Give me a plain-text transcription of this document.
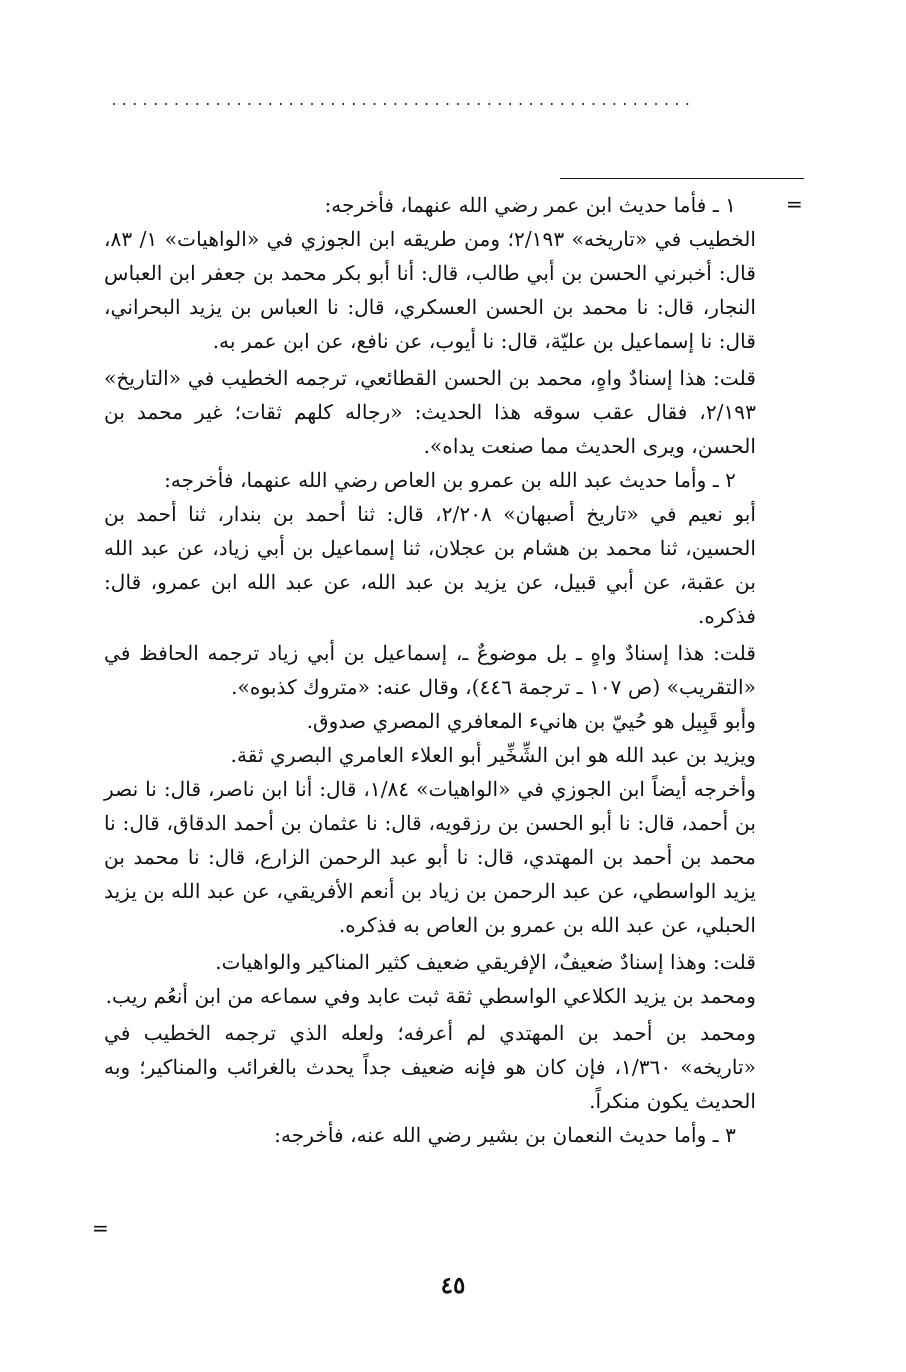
........................................................
=

١ ـ فأما حديث ابن عمر رضي الله عنهما، فأخرجه:

الخطيب في «تاريخه» ٢/١٩٣؛ ومن طريقه ابن الجوزي في «الواهيات» ١/ ٨٣، قال: أخبرني الحسن بن أبي طالب، قال: أنا أبو بكر محمد بن جعفر ابن العباس النجار، قال: نا محمد بن الحسن العسكري، قال: نا العباس بن يزيد البحراني، قال: نا إسماعيل بن عليّة، قال: نا أيوب، عن نافع، عن ابن عمر به.

قلت: هذا إسنادٌ واهٍ، محمد بن الحسن القطائعي، ترجمه الخطيب في «التاريخ» ٢/١٩٣، فقال عقب سوقه هذا الحديث: «رجاله كلهم ثقات؛ غير محمد بن الحسن، ويرى الحديث مما صنعت يداه».

٢ ـ وأما حديث عبد الله بن عمرو بن العاص رضي الله عنهما، فأخرجه:

أبو نعيم في «تاريخ أصبهان» ٢/٢٠٨، قال: ثنا أحمد بن بندار، ثنا أحمد بن الحسين، ثنا محمد بن هشام بن عجلان، ثنا إسماعيل بن أبي زياد، عن عبد الله بن عقبة، عن أبي قبيل، عن يزيد بن عبد الله، عن عبد الله ابن عمرو، قال: فذكره.

قلت: هذا إسنادٌ واهٍ ـ بل موضوعٌ ـ، إسماعيل بن أبي زياد ترجمه الحافظ في «التقريب» (ص ١٠٧ ـ ترجمة ٤٤٦)، وقال عنه: «متروك كذبوه».

وأبو قَبِيل هو حُييّ بن هانيء المعافري المصري صدوق.

ويزيد بن عبد الله هو ابن الشِّخِّير أبو العلاء العامري البصري ثقة.

وأخرجه أيضاً ابن الجوزي في «الواهيات» ١/٨٤، قال: أنا ابن ناصر، قال: نا نصر بن أحمد، قال: نا أبو الحسن بن رزقويه، قال: نا عثمان بن أحمد الدقاق، قال: نا محمد بن أحمد بن المهتدي، قال: نا أبو عبد الرحمن الزارع، قال: نا محمد بن يزيد الواسطي، عن عبد الرحمن بن زياد بن أنعم الأفريقي، عن عبد الله بن يزيد الحبلي، عن عبد الله بن عمرو بن العاص به فذكره.

قلت: وهذا إسنادٌ ضعيفٌ، الإفريقي ضعيف كثير المناكير والواهيات.

ومحمد بن يزيد الكلاعي الواسطي ثقة ثبت عابد وفي سماعه من ابن أنعُم ريب.

ومحمد بن أحمد بن المهتدي لم أعرفه؛ ولعله الذي ترجمه الخطيب في «تاريخه» ١/٣٦٠، فإن كان هو فإنه ضعيف جداً يحدث بالغرائب والمناكير؛ وبه الحديث يكون منكراً.

٣ ـ وأما حديث النعمان بن بشير رضي الله عنه، فأخرجه:

=
٤٥
